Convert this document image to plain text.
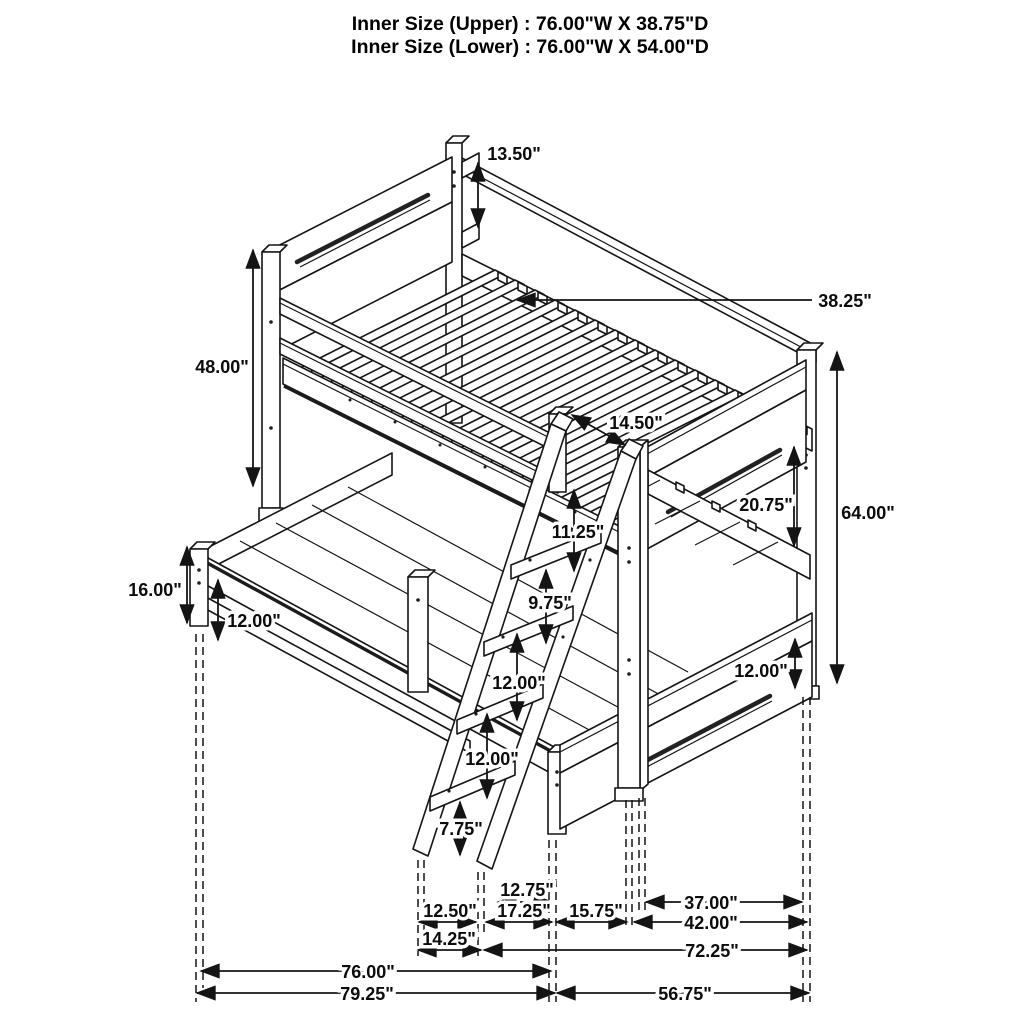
Inner Size (Upper) : 76.00"W X 38.75"D
Inner Size (Lower) : 76.00"W X 54.00"D
13.50"
48.00"
16.00"
12.00"
11.25"
9.75"
12.00"
12.00"
7.75"
20.75"	64.00"
12.00"
14.50"
38.25"
12.75"
37.00"
12.50" 17.25" 15.75"
42.00"
14.25"
72.25"
76.00"
79.25"	56.75"
